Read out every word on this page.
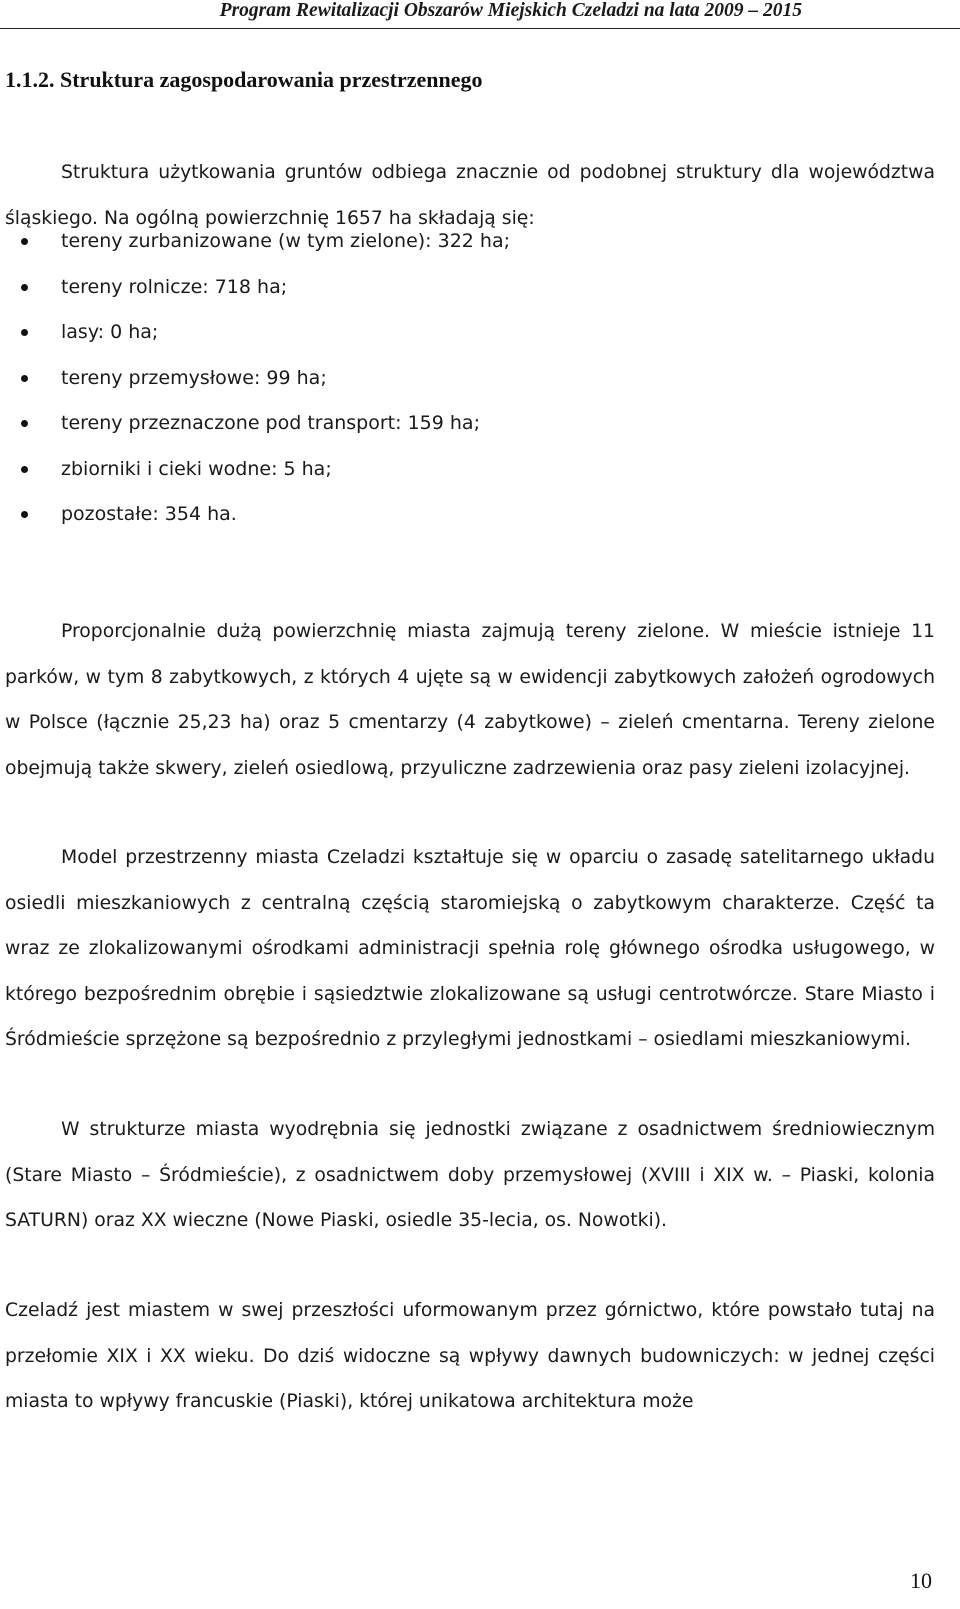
Program Rewitalizacji Obszarów Miejskich Czeladzi na lata 2009 – 2015
1.1.2. Struktura zagospodarowania przestrzennego

Struktura użytkowania gruntów odbiega znacznie od podobnej struktury dla województwa śląskiego. Na ogólną powierzchnię 1657 ha składają się:

tereny zurbanizowane (w tym zielone): 322 ha;
tereny rolnicze: 718 ha;
lasy: 0 ha;
tereny przemysłowe: 99 ha;
tereny przeznaczone pod transport: 159 ha;
zbiorniki i cieki wodne: 5 ha;
pozostałe: 354 ha.

Proporcjonalnie dużą powierzchnię miasta zajmują tereny zielone. W mieście istnieje 11 parków, w tym 8 zabytkowych, z których 4 ujęte są w ewidencji zabytkowych założeń ogrodowych w Polsce (łącznie 25,23 ha) oraz 5 cmentarzy (4 zabytkowe) – zieleń cmentarna. Tereny zielone obejmują także skwery, zieleń osiedlową, przyuliczne zadrzewienia oraz pasy zieleni izolacyjnej.

Model przestrzenny miasta Czeladzi kształtuje się w oparciu o zasadę satelitarnego układu osiedli mieszkaniowych z centralną częścią staromiejską o zabytkowym charakterze. Część ta wraz ze zlokalizowanymi ośrodkami administracji spełnia rolę głównego ośrodka usługowego, w którego bezpośrednim obrębie i sąsiedztwie zlokalizowane są usługi centrotwórcze. Stare Miasto i Śródmieście sprzężone są bezpośrednio z przyległymi jednostkami – osiedlami mieszkaniowymi.

W strukturze miasta wyodrębnia się jednostki związane z osadnictwem średniowiecznym (Stare Miasto – Śródmieście), z osadnictwem doby przemysłowej (XVIII i XIX w. – Piaski, kolonia SATURN) oraz XX wieczne (Nowe Piaski, osiedle 35-lecia, os. Nowotki).

Czeladź jest miastem w swej przeszłości uformowanym przez górnictwo, które powstało tutaj na przełomie XIX i XX wieku. Do dziś widoczne są wpływy dawnych budowniczych: w jednej części miasta to wpływy francuskie (Piaski), której unikatowa architektura może

10
